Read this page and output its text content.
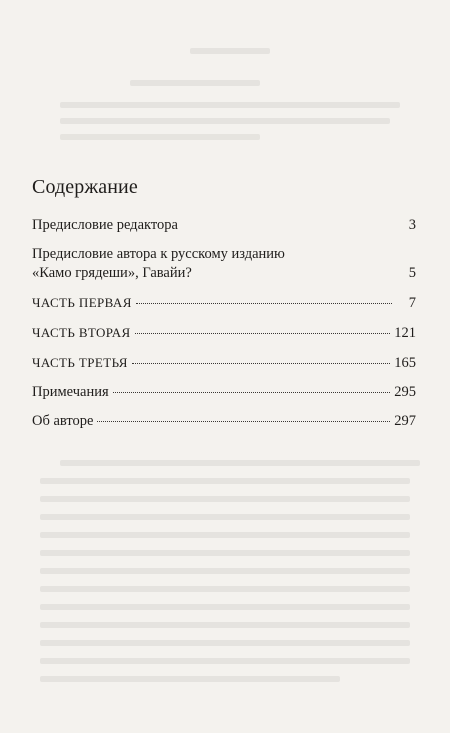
Содержание
Предисловие редактора	3
Предисловие автора к русскому изданию
«Камо грядеши», Гавайи?	5
ЧАСТЬ ПЕРВАЯ	7
ЧАСТЬ ВТОРАЯ	121
ЧАСТЬ ТРЕТЬЯ	165
Примечания	295
Об авторе	297
